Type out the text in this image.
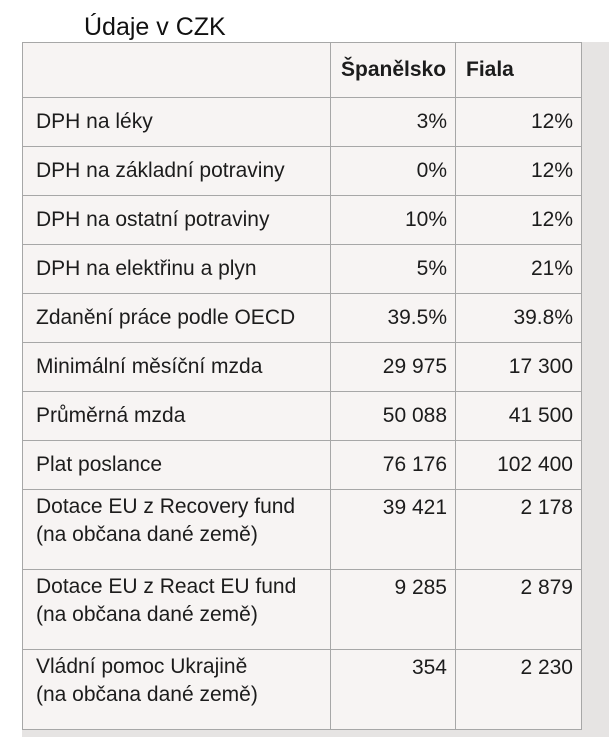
Údaje v CZK
	Španělsko	Fiala
DPH na léky	3%	12%
DPH na základní potraviny	0%	12%
DPH na ostatní potraviny	10%	12%
DPH na elektřinu a plyn	5%	21%
Zdanění práce podle OECD	39.5%	39.8%
Minimální měsíční mzda	29 975	17 300
Průměrná mzda	50 088	41 500
Plat poslance	76 176	102 400
Dotace EU z Recovery fund
(na občana dané země)	39 421	2 178
Dotace EU z React EU fund
(na občana dané země)	9 285	2 879
Vládní pomoc Ukrajině
(na občana dané země)	354	2 230
